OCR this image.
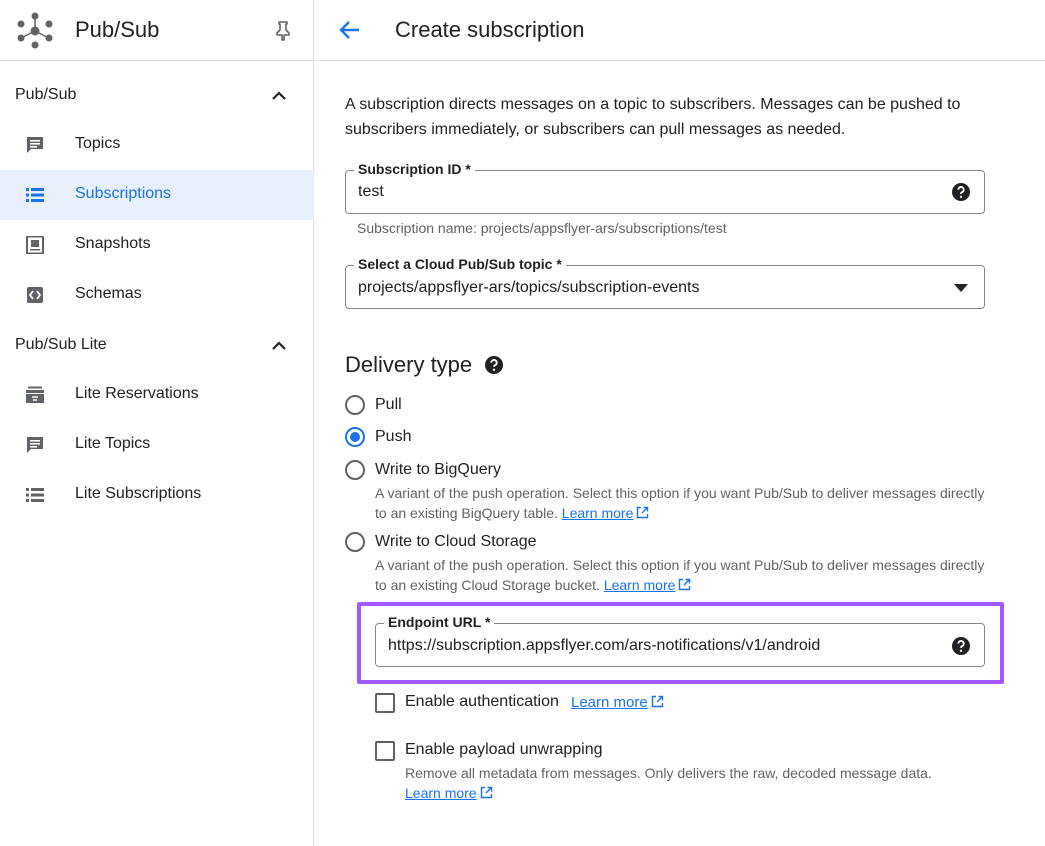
Pub/Sub
Pub/Sub
Topics
Subscriptions
Snapshots
Schemas
Pub/Sub Lite
Lite Reservations
Lite Topics
Lite Subscriptions
Create subscription

A subscription directs messages on a topic to subscribers. Messages can be pushed to subscribers immediately, or subscribers can pull messages as needed.

Subscription ID *
test
Subscription name: projects/appsflyer-ars/subscriptions/test
Select a Cloud Pub/Sub topic *
projects/appsflyer-ars/topics/subscription-events
Delivery type
Pull
Push
Write to BigQuery
A variant of the push operation. Select this option if you want Pub/Sub to deliver messages directly to an existing BigQuery table. Learn more
Write to Cloud Storage
A variant of the push operation. Select this option if you want Pub/Sub to deliver messages directly to an existing Cloud Storage bucket. Learn more
Endpoint URL *
https://subscription.appsflyer.com/ars-notifications/v1/android
Enable authentication Learn more
Enable payload unwrapping
Remove all metadata from messages. Only delivers the raw, decoded message data.
Learn more
